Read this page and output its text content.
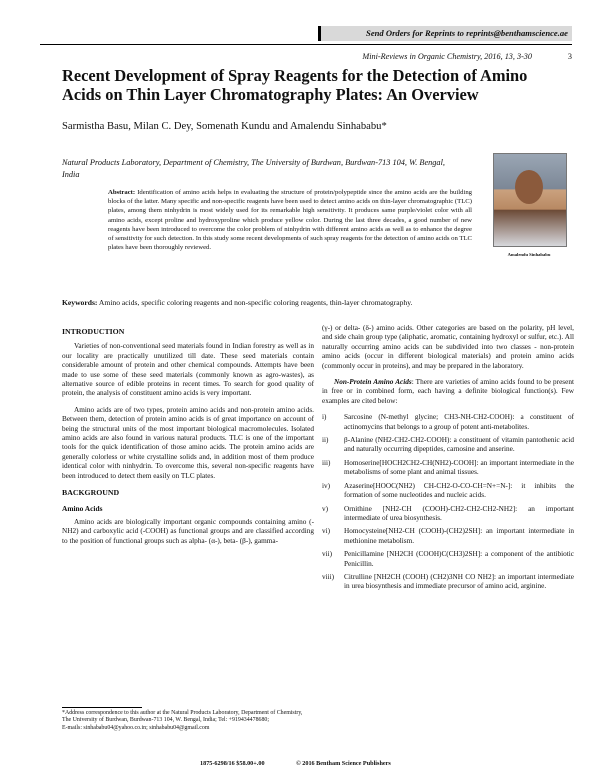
Send Orders for Reprints to reprints@benthamscience.ae
Mini-Reviews in Organic Chemistry, 2016, 13, 3-30	3
Recent Development of Spray Reagents for the Detection of Amino Acids on Thin Layer Chromatography Plates: An Overview
Sarmistha Basu, Milan C. Dey, Somenath Kundu and Amalendu Sinhababu*
Natural Products Laboratory, Department of Chemistry, The University of Burdwan, Burdwan-713 104, W. Bengal, India
Amalendu Sinhababu
Abstract: Identification of amino acids helps in evaluating the structure of protein/polypeptide since the amino acids are the building blocks of the latter. Many specific and non-specific reagents have been used to detect amino acids on thin-layer chromatographic (TLC) plates, among them ninhydrin is most widely used for its remarkable high sensitivity. It produces same purple/violet color with all amino acids, except proline and hydroxyproline which produce yellow color. During the last three decades, a good number of new reagents have been introduced to overcome the color problem of ninhydrin with different amino acids as well as to enhance the degree of sensitivity for such detection. In this study some recent developments of such spray reagents for the detection of amino acids on TLC plates have been thoroughly reviewed.
Keywords: Amino acids, specific coloring reagents and non-specific coloring reagents, thin-layer chromatography.
INTRODUCTION

Varieties of non-conventional seed materials found in Indian forestry as well as in our locality are practically unutilized till date. These seed materials contain considerable amount of protein and other chemical compounds. Attempts have been made to use some of these seed materials (commonly known as agro-wastes), as alternative source of edible proteins in recent times. To search for good quality of protein, the analysis of constituent amino acids is very important.

Amino acids are of two types, protein amino acids and non-protein amino acids. Between them, detection of protein amino acids is of great importance on account of being the structural units of the most important biological macromolecules. Isolated amino acids are also found in various natural products. TLC is one of the important tools for the quick identification of those amino acids. The protein amino acids are generally colorless or white crystalline solids and, in addition most of them produce identical color with ninhydrin. To overcome this, several non-specific reagents have been introduced to detect them easily on TLC plates.

BACKGROUND
Amino Acids

Amino acids are biologically important organic compounds containing amino (-NH2) and carboxylic acid (-COOH) as functional groups and are classified according to the position of functional groups such as alpha- (α-), beta- (β-), gamma-

(γ-) or delta- (δ-) amino acids. Other categories are based on the polarity, pH level, and side chain group type (aliphatic, aromatic, containing hydroxyl or sulfur, etc.). All naturally occurring amino acids can be subdivided into two classes - non-protein amino acids (occur in different biological materials) and protein amino acids (commonly occur in proteins), and may be prepared in the laboratory.

Non-Protein Amino Acids: There are varieties of amino acids found to be present in free or in combined form, each having a definite biological function(s). Few examples are cited below:

i)	Sarcosine (N-methyl glycine; CH3-NH-CH2-COOH): a constituent of actinomycins that belongs to a group of potent anti-metabolites.
ii)	β-Alanine (NH2-CH2-CH2-COOH): a constituent of vitamin pantothenic acid and naturally occurring dipeptides, carnosine and anserine.
iii)	Homoserine[HOCH2CH2-CH(NH2)-COOH]: an important intermediate in the metabolisms of some plant and animal tissues.
iv)	Azaserine[HOOC(NH2) CH-CH2-O-CO-CH=N+=N-]: it inhibits the formation of some nucleotides and nucleic acids.
v)	Ornithine [NH2-CH (COOH)-CH2-CH2-CH2-NH2]: an important intermediate of urea biosynthesis.
vi)	Homocysteine[NH2-CH (COOH)-(CH2)2SH]: an important intermediate in methionine metabolism.
vii)	Penicillamine [NH2CH (COOH)C(CH3)2SH]: a component of the antibiotic Penicillin.
viii)	Citrulline [NH2CH (COOH) (CH2)3NH CO NH2]: an important intermediate in urea biosynthesis and immediate precursor of amino acid, arginine.
*Address correspondence to this author at the Natural Products Laboratory, Department of Chemistry, The University of Burdwan, Burdwan-713 104, W. Bengal, India; Tel: +919434478680;
E-mails: sinhababu04@yahoo.co.in; sinhababu04@gmail.com
1875-6298/16 $58.00+.00	© 2016 Bentham Science Publishers
